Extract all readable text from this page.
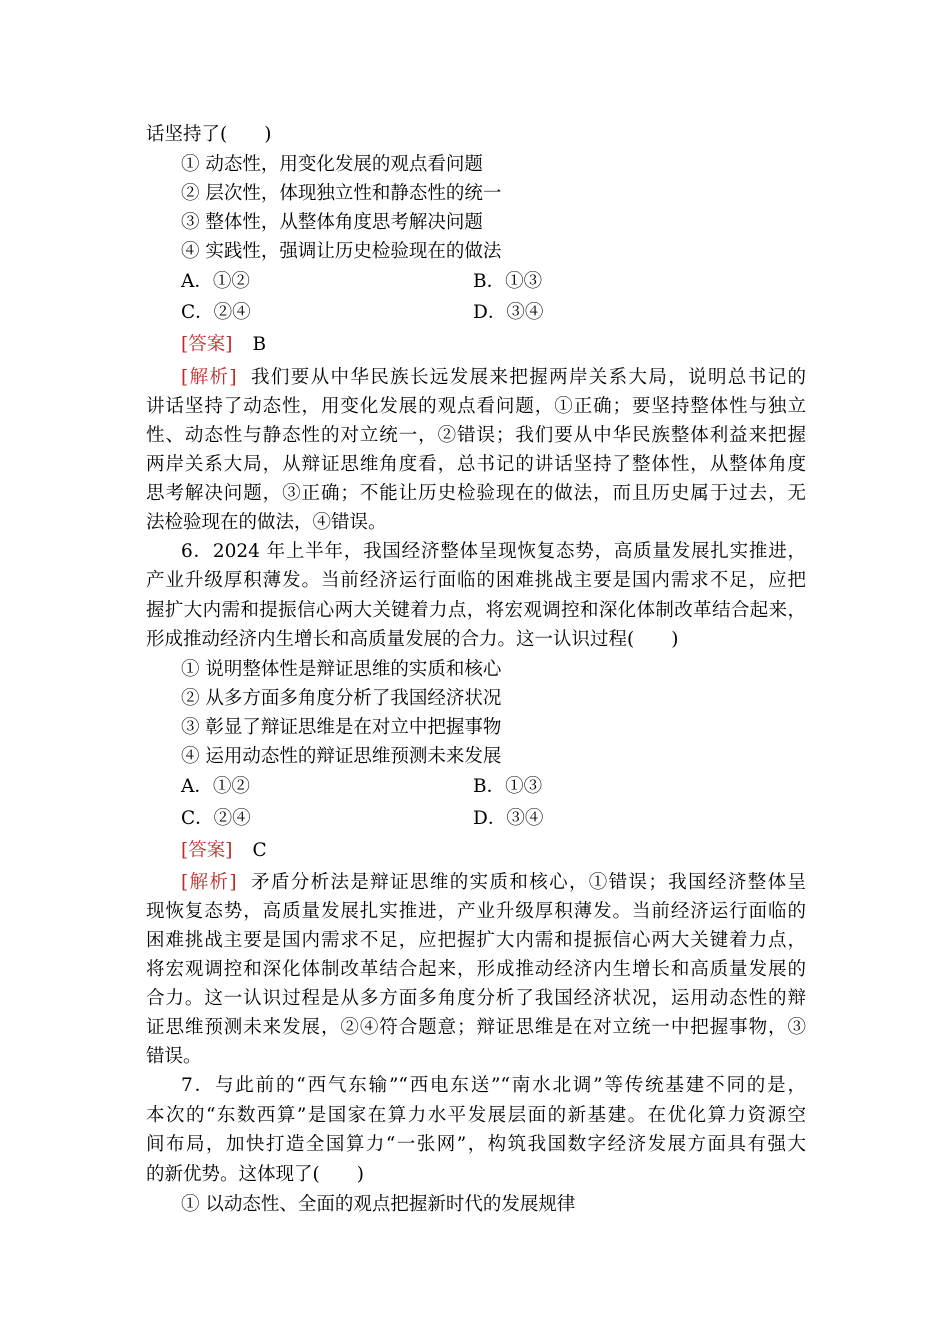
话坚持了(　　)
① 动态性，用变化发展的观点看问题
② 层次性，体现独立性和静态性的统一
③ 整体性，从整体角度思考解决问题
④ 实践性，强调让历史检验现在的做法
A．①②	B．①③
C．②④	D．③④
[答案] B
[解析] 我们要从中华民族长远发展来把握两岸关系大局，说明总书记的
讲话坚持了动态性，用变化发展的观点看问题，①正确；要坚持整体性与独立
性、动态性与静态性的对立统一，②错误；我们要从中华民族整体利益来把握
两岸关系大局，从辩证思维角度看，总书记的讲话坚持了整体性，从整体角度
思考解决问题，③正确；不能让历史检验现在的做法，而且历史属于过去，无
法检验现在的做法，④错误。
6．2024 年上半年，我国经济整体呈现恢复态势，高质量发展扎实推进，
产业升级厚积薄发。当前经济运行面临的困难挑战主要是国内需求不足，应把
握扩大内需和提振信心两大关键着力点，将宏观调控和深化体制改革结合起来，
形成推动经济内生增长和高质量发展的合力。这一认识过程(　　)
① 说明整体性是辩证思维的实质和核心
② 从多方面多角度分析了我国经济状况
③ 彰显了辩证思维是在对立中把握事物
④ 运用动态性的辩证思维预测未来发展
A．①②	B．①③
C．②④	D．③④
[答案] C
[解析] 矛盾分析法是辩证思维的实质和核心，①错误；我国经济整体呈
现恢复态势，高质量发展扎实推进，产业升级厚积薄发。当前经济运行面临的
困难挑战主要是国内需求不足，应把握扩大内需和提振信心两大关键着力点，
将宏观调控和深化体制改革结合起来，形成推动经济内生增长和高质量发展的
合力。这一认识过程是从多方面多角度分析了我国经济状况，运用动态性的辩
证思维预测未来发展，②④符合题意；辩证思维是在对立统一中把握事物，③
错误。
7．与此前的“西气东输”“西电东送”“南水北调”等传统基建不同的是，
本次的“东数西算”是国家在算力水平发展层面的新基建。在优化算力资源空
间布局，加快打造全国算力“一张网”，构筑我国数字经济发展方面具有强大
的新优势。这体现了(　　)
① 以动态性、全面的观点把握新时代的发展规律
